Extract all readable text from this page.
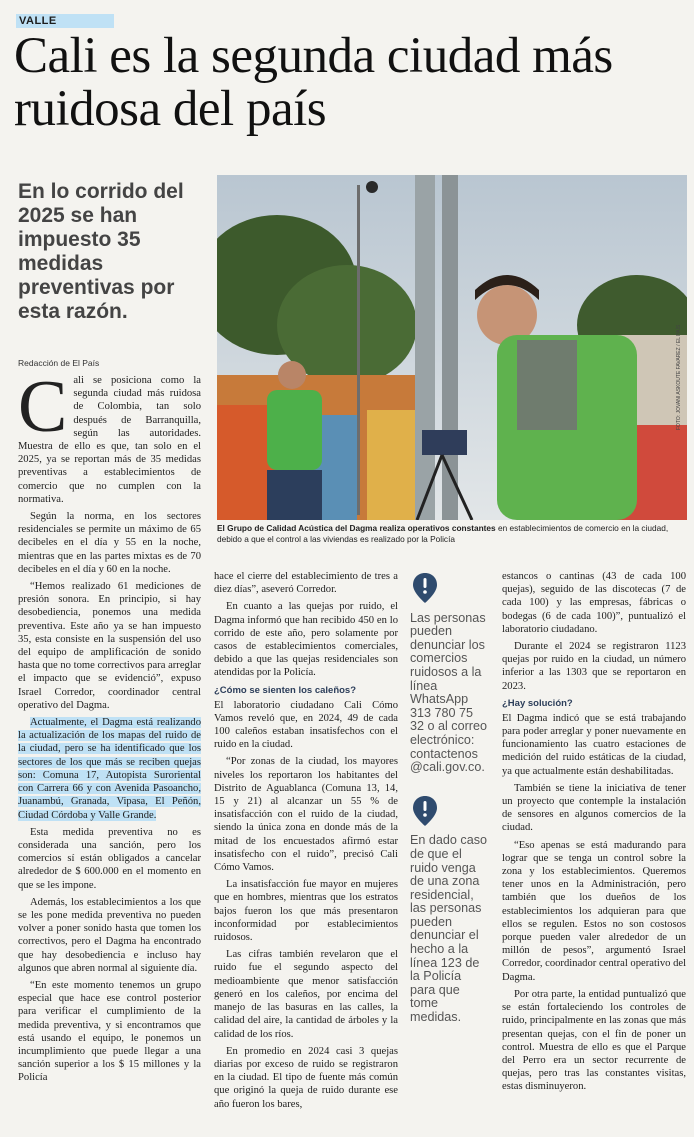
VALLE
Cali es la segunda ciudad más ruidosa del país

En lo corrido del 2025 se han impuesto 35 medidas preventivas por esta razón.

Redacción de El País	FOTO: JOVANI ASKOUTE FAVAREZ / EL PAÍS
El Grupo de Calidad Acústica del Dagma realiza operativos constantes en establecimientos de comercio en la ciudad, debido a que el control a las viviendas es realizado por la Policía
C ali se posiciona como la segunda ciudad más ruidosa de Colombia, tan solo después de Barranquilla, según las autoridades. Muestra de ello es que, tan solo en el 2025, ya se reportan más de 35 medidas preventivas a establecimientos de comercio que no cumplen con la normativa.

Según la norma, en los sectores residenciales se permite un máximo de 65 decibeles en el día y 55 en la noche, mientras que en las partes mixtas es de 70 decibeles en el día y 60 en la noche.

“Hemos realizado 61 mediciones de presión sonora. En principio, si hay desobediencia, ponemos una medida preventiva. Este año ya se han impuesto 35, esta consiste en la suspensión del uso del equipo de amplificación de sonido hasta que no tome correctivos para arreglar el impacto que se evidenció”, expuso Israel Corredor, coordinador central operativo del Dagma.

Actualmente, el Dagma está realizando la actualización de los mapas del ruido de la ciudad, pero se ha identificado que los sectores de los que más se reciben quejas son: Comuna 17, Autopista Suroriental con Carrera 66 y con Avenida Pasoancho, Juanambú, Granada, Vipasa, El Peñón, Ciudad Córdoba y Valle Grande.

Esta medida preventiva no es considerada una sanción, pero los comercios sí están obligados a cancelar alrededor de $ 600.000 en el momento en que se les impone.

Además, los establecimientos a los que se les pone medida preventiva no pueden volver a poner sonido hasta que tomen los correctivos, pero el Dagma ha encontrado que hay desobediencia e incluso hay algunos que abren normal al siguiente día.

“En este momento tenemos un grupo especial que hace ese control posterior para verificar el cumplimiento de la medida preventiva, y si encontramos que está usando el equipo, le ponemos un incumplimiento que puede llegar a una sanción superior a los $ 15 millones y la Policía

hace el cierre del establecimiento de tres a diez días”, aseveró Corredor.

En cuanto a las quejas por ruido, el Dagma informó que han recibido 450 en lo corrido de este año, pero solamente por casos de establecimientos comerciales, debido a que las quejas residenciales son atendidas por la Policía.

¿Cómo se sienten los caleños?

El laboratorio ciudadano Cali Cómo Vamos reveló que, en 2024, 49 de cada 100 caleños estaban insatisfechos con el ruido en la ciudad.

“Por zonas de la ciudad, los mayores niveles los reportaron los habitantes del Distrito de Aguablanca (Comuna 13, 14, 15 y 21) al alcanzar un 55 % de insatisfacción con el ruido de la ciudad, siendo la única zona en donde más de la mitad de los encuestados afirmó estar insatisfecho con el ruido”, precisó Cali Cómo Vamos.

La insatisfacción fue mayor en mujeres que en hombres, mientras que los estratos bajos fueron los que más presentaron inconformidad por establecimientos ruidosos.

Las cifras también revelaron que el ruido fue el segundo aspecto del medioambiente que menor satisfacción generó en los caleños, por encima del manejo de las basuras en las calles, la calidad del aire, la cantidad de árboles y la calidad de los ríos.

En promedio en 2024 casi 3 quejas diarias por exceso de ruido se registraron en la ciudad. El tipo de fuente más común que originó la queja de ruido durante ese año fueron los bares,

Las personas pueden denunciar los comercios ruidosos a la línea WhatsApp 313 780 75 32 o al correo electrónico: contactenos @cali.gov.co.
En dado caso de que el ruido venga de una zona residencial, las personas pueden denunciar el hecho a la línea 123 de la Policía para que tome medidas.

estancos o cantinas (43 de cada 100 quejas), seguido de las discotecas (7 de cada 100) y las empresas, fábricas o bodegas (6 de cada 100)”, puntualizó el laboratorio ciudadano.

Durante el 2024 se registraron 1123 quejas por ruido en la ciudad, un número inferior a las 1303 que se reportaron en 2023.

¿Hay solución?

El Dagma indicó que se está trabajando para poder arreglar y poner nuevamente en funcionamiento las cuatro estaciones de medición del ruido estáticas de la ciudad, ya que actualmente están deshabilitadas.

También se tiene la iniciativa de tener un proyecto que contemple la instalación de sensores en algunos comercios de la ciudad.

“Eso apenas se está madurando para lograr que se tenga un control sobre la zona y los establecimientos. Queremos tener unos en la Administración, pero también que los dueños de los establecimientos los adquieran para que ellos se regulen. Estos no son costosos porque pueden valer alrededor de un millón de pesos”, argumentó Israel Corredor, coordinador central operativo del Dagma.

Por otra parte, la entidad puntualizó que se están fortaleciendo los controles de ruido, principalmente en las zonas que más presentan quejas, con el fin de poner un control. Muestra de ello es que el Parque del Perro era un sector recurrente de quejas, pero tras las constantes visitas, estas disminuyeron.
